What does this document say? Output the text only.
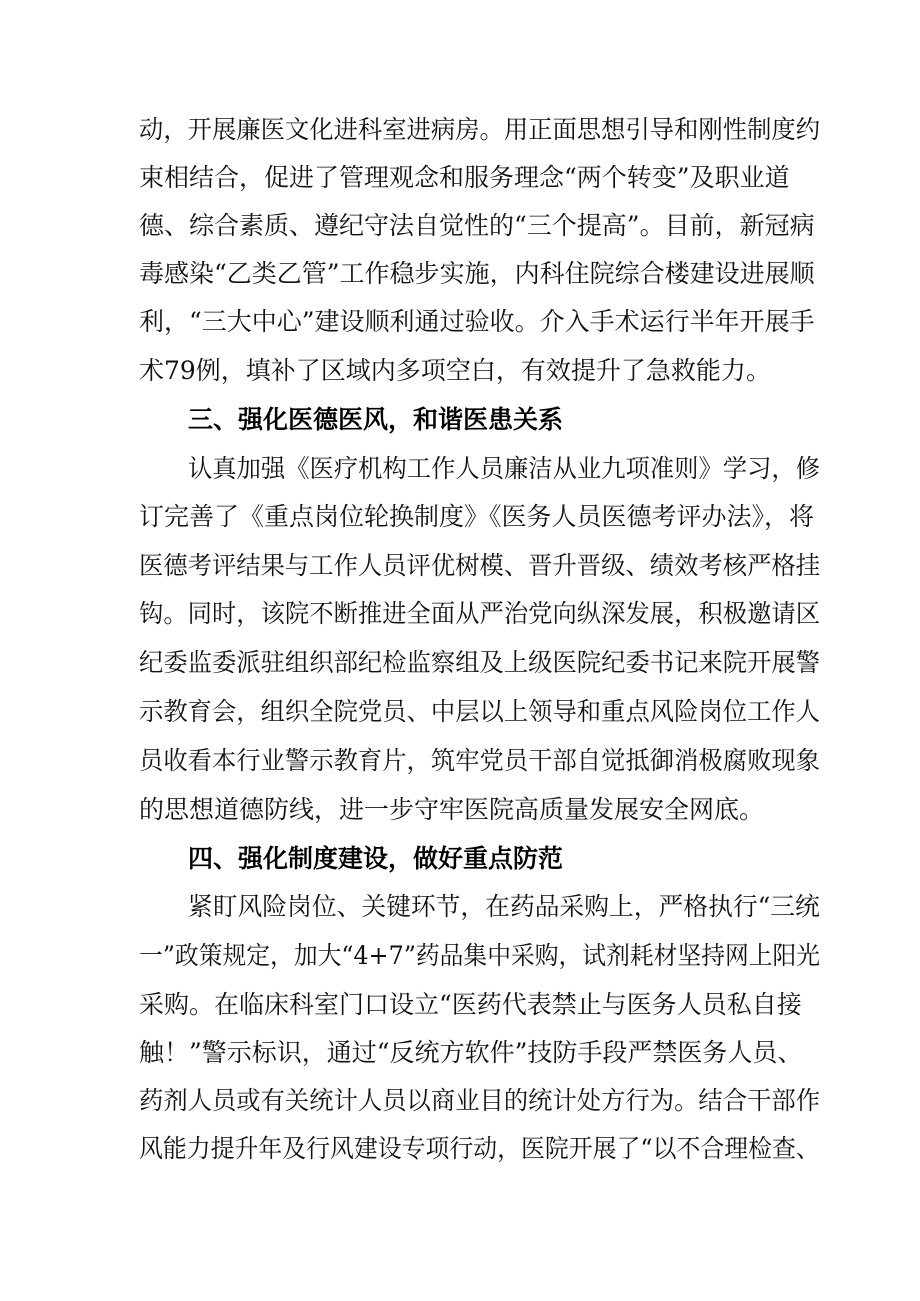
动，开展廉医文化进科室进病房。用正面思想引导和刚性制度约
束相结合，促进了管理观念和服务理念“两个转变”及职业道
德、综合素质、遵纪守法自觉性的“三个提高”。目前，新冠病
毒感染“乙类乙管”工作稳步实施，内科住院综合楼建设进展顺
利，“三大中心”建设顺利通过验收。介入手术运行半年开展手
术79例，填补了区域内多项空白，有效提升了急救能力。
三、强化医德医风，和谐医患关系
认真加强《医疗机构工作人员廉洁从业九项准则》学习，修
订完善了《重点岗位轮换制度》《医务人员医德考评办法》，将
医德考评结果与工作人员评优树模、晋升晋级、绩效考核严格挂
钩。同时，该院不断推进全面从严治党向纵深发展，积极邀请区
纪委监委派驻组织部纪检监察组及上级医院纪委书记来院开展警
示教育会，组织全院党员、中层以上领导和重点风险岗位工作人
员收看本行业警示教育片，筑牢党员干部自觉抵御消极腐败现象
的思想道德防线，进一步守牢医院高质量发展安全网底。
四、强化制度建设，做好重点防范
紧盯风险岗位、关键环节，在药品采购上，严格执行“三统
一”政策规定，加大“4+7”药品集中采购，试剂耗材坚持网上阳光
采购。在临床科室门口设立“医药代表禁止与医务人员私自接
触！”警示标识，通过“反统方软件”技防手段严禁医务人员、
药剂人员或有关统计人员以商业目的统计处方行为。结合干部作
风能力提升年及行风建设专项行动，医院开展了“以不合理检查、
